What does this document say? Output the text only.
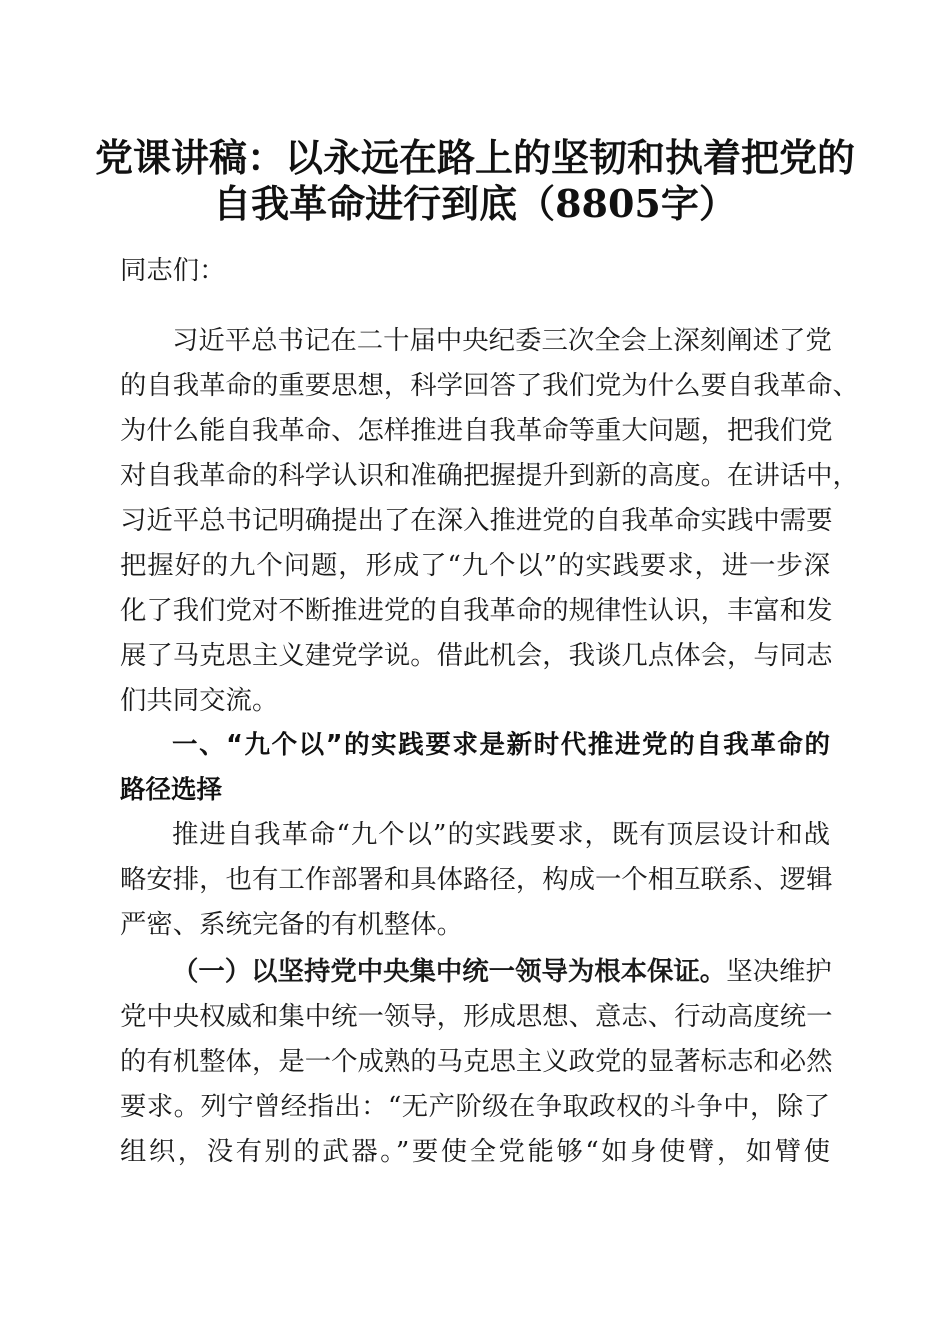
党课讲稿：以永远在路上的坚韧和执着把党的
自我革命进行到底（8805字）
同志们：
习近平总书记在二十届中央纪委三次全会上深刻阐述了党
的自我革命的重要思想，科学回答了我们党为什么要自我革命、
为什么能自我革命、怎样推进自我革命等重大问题，把我们党
对自我革命的科学认识和准确把握提升到新的高度。在讲话中，
习近平总书记明确提出了在深入推进党的自我革命实践中需要
把握好的九个问题，形成了“九个以”的实践要求，进一步深
化了我们党对不断推进党的自我革命的规律性认识，丰富和发
展了马克思主义建党学说。借此机会，我谈几点体会，与同志
们共同交流。
一、“九个以”的实践要求是新时代推进党的自我革命的
路径选择
推进自我革命“九个以”的实践要求，既有顶层设计和战
略安排，也有工作部署和具体路径，构成一个相互联系、逻辑
严密、系统完备的有机整体。
（一）以坚持党中央集中统一领导为根本保证。坚决维护
党中央权威和集中统一领导，形成思想、意志、行动高度统一
的有机整体，是一个成熟的马克思主义政党的显著标志和必然
要求。列宁曾经指出：“无产阶级在争取政权的斗争中，除了
组织，没有别的武器。”要使全党能够“如身使臂，如臂使
